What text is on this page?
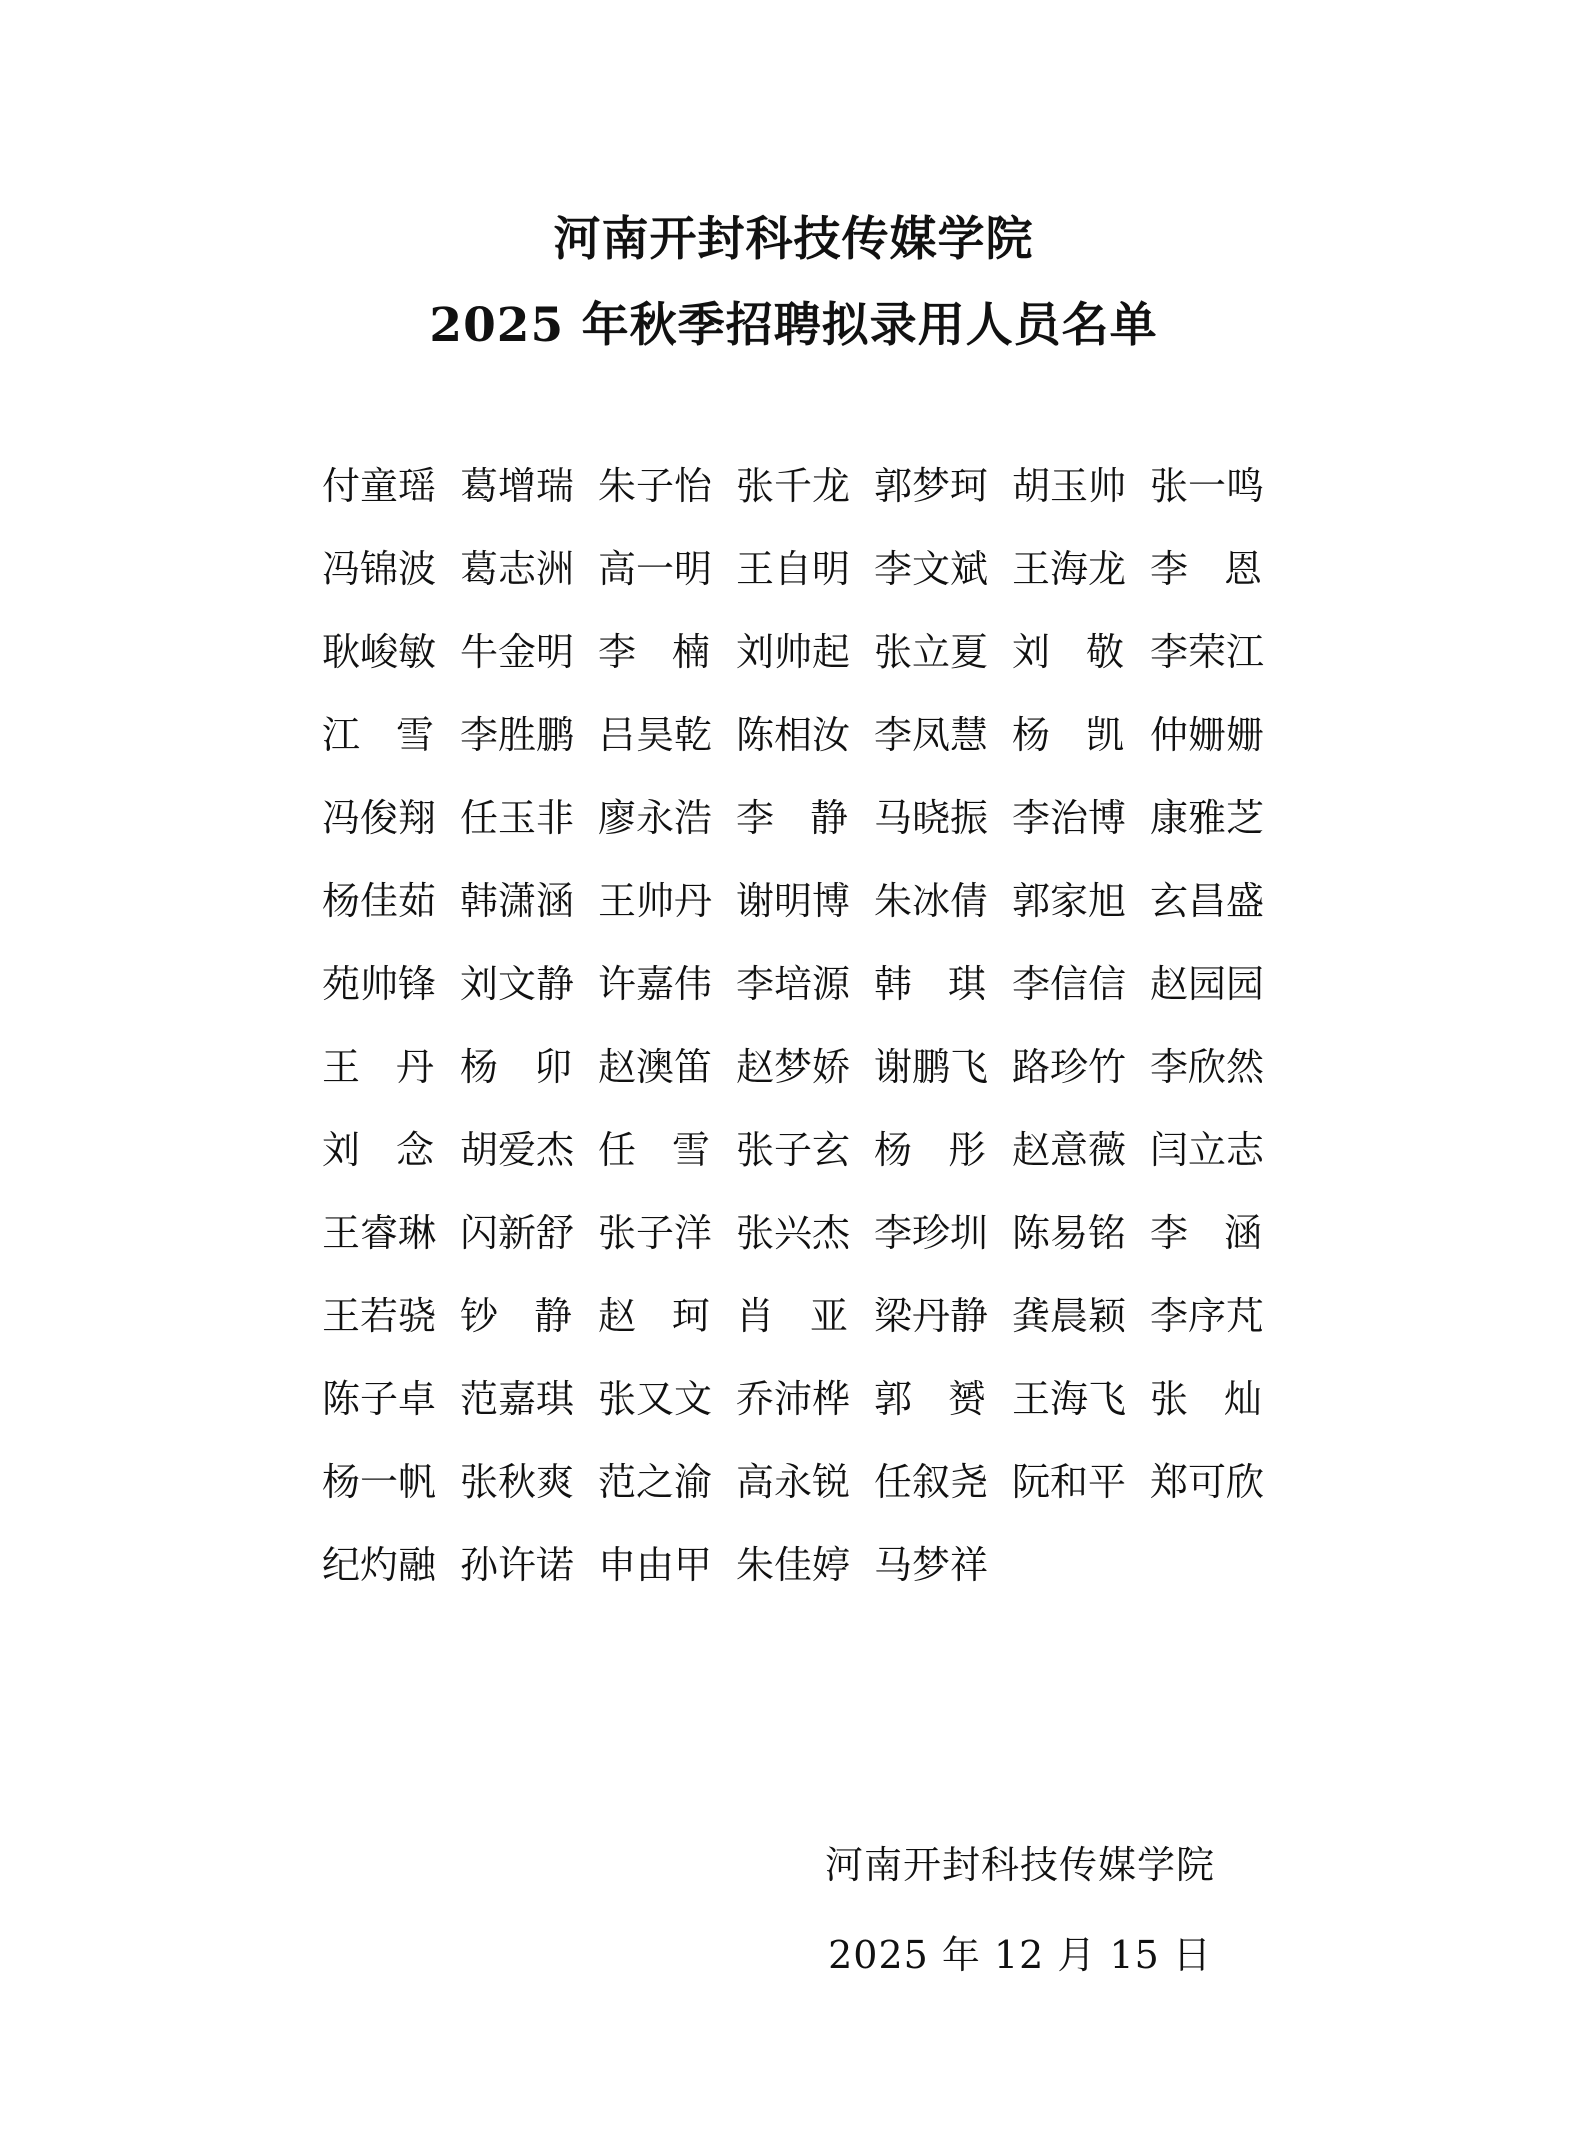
河南开封科技传媒学院
2025 年秋季招聘拟录用人员名单
付 童 瑶 葛 增 瑞 朱 子 怡 张 千 龙 郭 梦 珂 胡 玉 帅 张 一 鸣
冯 锦 波 葛 志 洲 高 一 明 王 自 明 李 文 斌 王 海 龙 李 恩
耿 峻 敏 牛 金 明 李 楠 刘 帅 起 张 立 夏 刘 敬 李 荣 江
江 雪 李 胜 鹏 吕 昊 乾 陈 相 汝 李 凤 慧 杨 凯 仲 姗 姗
冯 俊 翔 任 玉 非 廖 永 浩 李 静 马 晓 振 李 治 博 康 雅 芝
杨 佳 茹 韩 潇 涵 王 帅 丹 谢 明 博 朱 冰 倩 郭 家 旭 玄 昌 盛
苑 帅 锋 刘 文 静 许 嘉 伟 李 培 源 韩 琪 李 信 信 赵 园 园
王 丹 杨 卯 赵 澳 笛 赵 梦 娇 谢 鹏 飞 路 珍 竹 李 欣 然
刘 念 胡 爱 杰 任 雪 张 子 玄 杨 彤 赵 意 薇 闫 立 志
王 睿 琳 闪 新 舒 张 子 洋 张 兴 杰 李 珍 圳 陈 易 铭 李 涵
王 若 骁 钞 静 赵 珂 肖 亚 梁 丹 静 龚 晨 颖 李 序 芃
陈 子 卓 范 嘉 琪 张 又 文 乔 沛 桦 郭 赟 王 海 飞 张 灿
杨 一 帆 张 秋 爽 范 之 渝 高 永 锐 任 叙 尧 阮 和 平 郑 可 欣
纪 灼 融 孙 许 诺 申 由 甲 朱 佳 婷 马 梦 祥

河南开封科技传媒学院

2025 年 12 月 15 日
